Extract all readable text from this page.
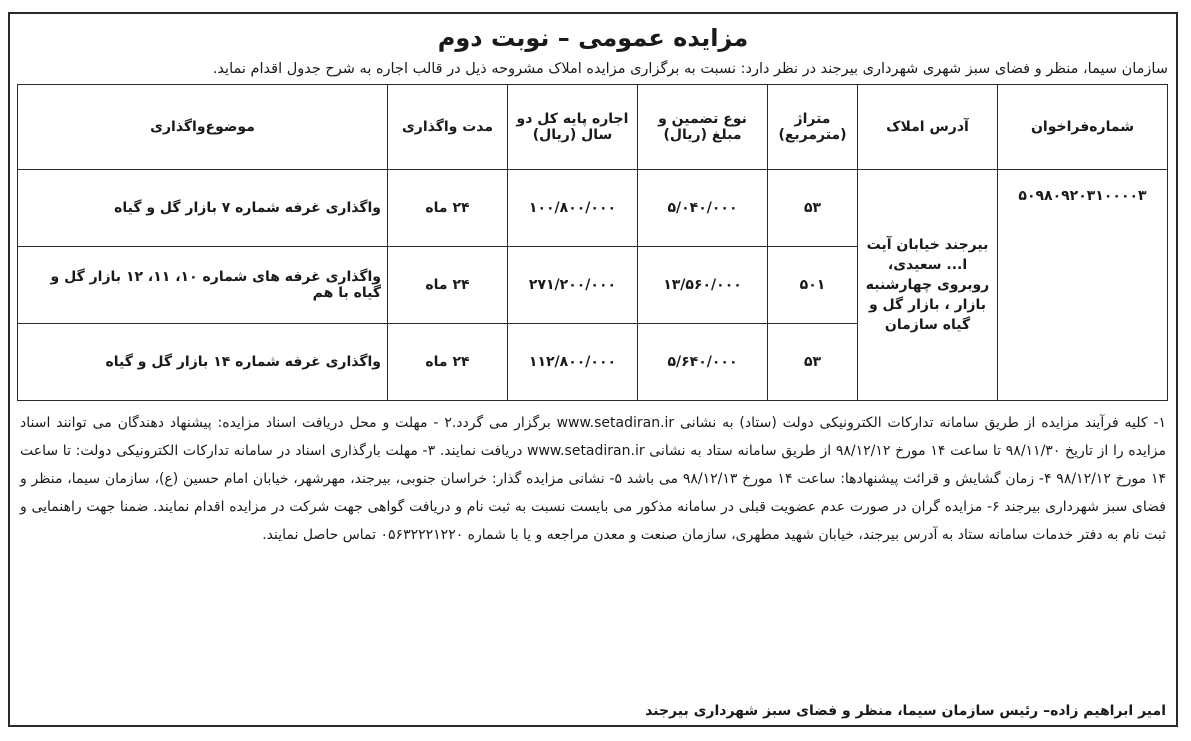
مزایده عمومی – نوبت دوم
سازمان سیما، منظر و فضای سبز شهری شهرداری بیرجند در نظر دارد: نسبت به برگزاری مزایده املاک مشروحه ذیل در قالب اجاره به شرح جدول اقدام نماید.
شماره‌فراخوان	آدرس املاک	متراژ (مترمربع)	نوع تضمین و مبلغ (ریال)	اجاره پایه کل دو سال (ریال)	مدت واگذاری	موضوع‌واگذاری
۵۰۹۸۰۹۲۰۳۱۰۰۰۰۳	بیرجند خیابان آیت ا... سعیدی، روبروی چهارشنبه بازار ، بازار گل و گیاه سازمان	۵۳	۵/۰۴۰/۰۰۰	۱۰۰/۸۰۰/۰۰۰	۲۴ ماه	واگذاری غرفه شماره ۷ بازار گل و گیاه
		۵۰۱	۱۳/۵۶۰/۰۰۰	۲۷۱/۲۰۰/۰۰۰	۲۴ ماه	واگذاری غرفه های شماره ۱۰، ۱۱، ۱۲ بازار گل و گیاه با هم
		۵۳	۵/۶۴۰/۰۰۰	۱۱۲/۸۰۰/۰۰۰	۲۴ ماه	واگذاری غرفه شماره ۱۴ بازار گل و گیاه
۱- کلیه فرآیند مزایده از طریق سامانه تدارکات الکترونیکی دولت (ستاد) به نشانی www.setadiran.ir برگزار می گردد.۲ - مهلت و محل دریافت اسناد مزایده: پیشنهاد دهندگان می توانند اسناد مزایده را از تاریخ ۹۸/۱۱/۳۰ تا ساعت ۱۴ مورخ ۹۸/۱۲/۱۲ از طریق سامانه ستاد به نشانی www.setadiran.ir دریافت نمایند. ۳- مهلت بارگذاری اسناد در سامانه تدارکات الکترونیکی دولت: تا ساعت ۱۴ مورخ ۹۸/۱۲/۱۲ ۴- زمان گشایش و قرائت پیشنهادها: ساعت ۱۴ مورخ ۹۸/۱۲/۱۳ می باشد ۵- نشانی مزایده گذار: خراسان جنوبی، بیرجند، مهرشهر، خیابان امام حسین (ع)، سازمان سیما، منظر و فضای سبز شهرداری بیرجند ۶- مزایده گران در صورت عدم عضویت قبلی در سامانه مذکور می بایست نسبت به ثبت نام و دریافت گواهی جهت شرکت در مزایده اقدام نمایند. ضمنا جهت راهنمایی و ثبت نام به دفتر خدمات سامانه ستاد به آدرس بیرجند، خیابان شهید مطهری، سازمان صنعت و معدن مراجعه و یا با شماره ۰۵۶۳۲۲۲۱۲۲۰ تماس حاصل نمایند.
امیر ابراهیم زاده– رئیس سازمان سیما، منظر و فضای سبز شهرداری بیرجند
